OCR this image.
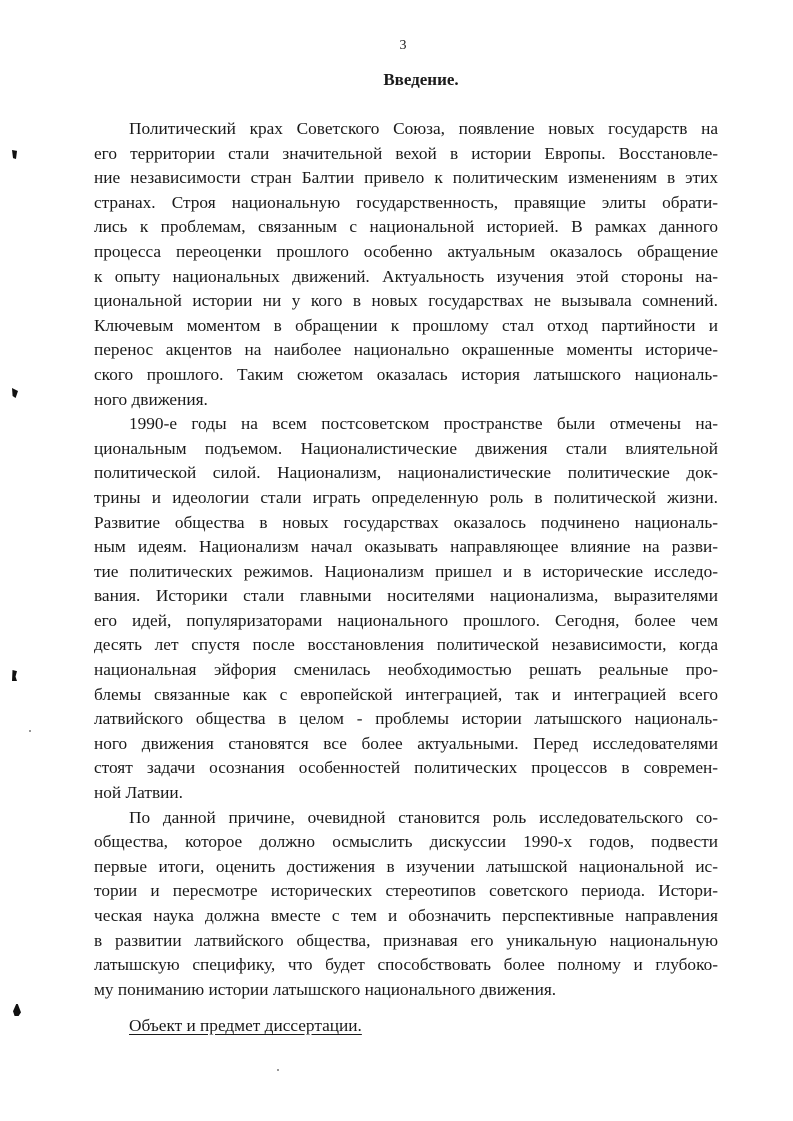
3
Введение.
Политический крах Советского Союза, появление новых государств на
его территории стали значительной вехой в истории Европы. Восстановле-
ние независимости стран Балтии привело к политическим изменениям в этих
странах. Строя национальную государственность, правящие элиты обрати-
лись к проблемам, связанным с национальной историей. В рамках данного
процесса переоценки прошлого особенно актуальным оказалось обращение
к опыту национальных движений. Актуальность изучения этой стороны на-
циональной истории ни у кого в новых государствах не вызывала сомнений.
Ключевым моментом в обращении к прошлому стал отход партийности и
перенос акцентов на наиболее национально окрашенные моменты историче-
ского прошлого. Таким сюжетом оказалась история латышского националь-
ного движения.
1990-е годы на всем постсоветском пространстве были отмечены на-
циональным подъемом. Националистические движения стали влиятельной
политической силой. Национализм, националистические политические док-
трины и идеологии стали играть определенную роль в политической жизни.
Развитие общества в новых государствах оказалось подчинено националь-
ным идеям. Национализм начал оказывать направляющее влияние на разви-
тие политических режимов. Национализм пришел и в исторические исследо-
вания. Историки стали главными носителями национализма, выразителями
его идей, популяризаторами национального прошлого. Сегодня, более чем
десять лет спустя после восстановления политической независимости, когда
национальная эйфория сменилась необходимостью решать реальные про-
блемы связанные как с европейской интеграцией, так и интеграцией всего
латвийского общества в целом - проблемы истории латышского националь-
ного движения становятся все более актуальными. Перед исследователями
стоят задачи осознания особенностей политических процессов в современ-
ной Латвии.
По данной причине, очевидной становится роль исследовательского со-
общества, которое должно осмыслить дискуссии 1990-х годов, подвести
первые итоги, оценить достижения в изучении латышской национальной ис-
тории и пересмотре исторических стереотипов советского периода. Истори-
ческая наука должна вместе с тем и обозначить перспективные направления
в развитии латвийского общества, признавая его уникальную национальную
латышскую специфику, что будет способствовать более полному и глубоко-
му пониманию истории латышского национального движения.
Объект и предмет диссертации.
